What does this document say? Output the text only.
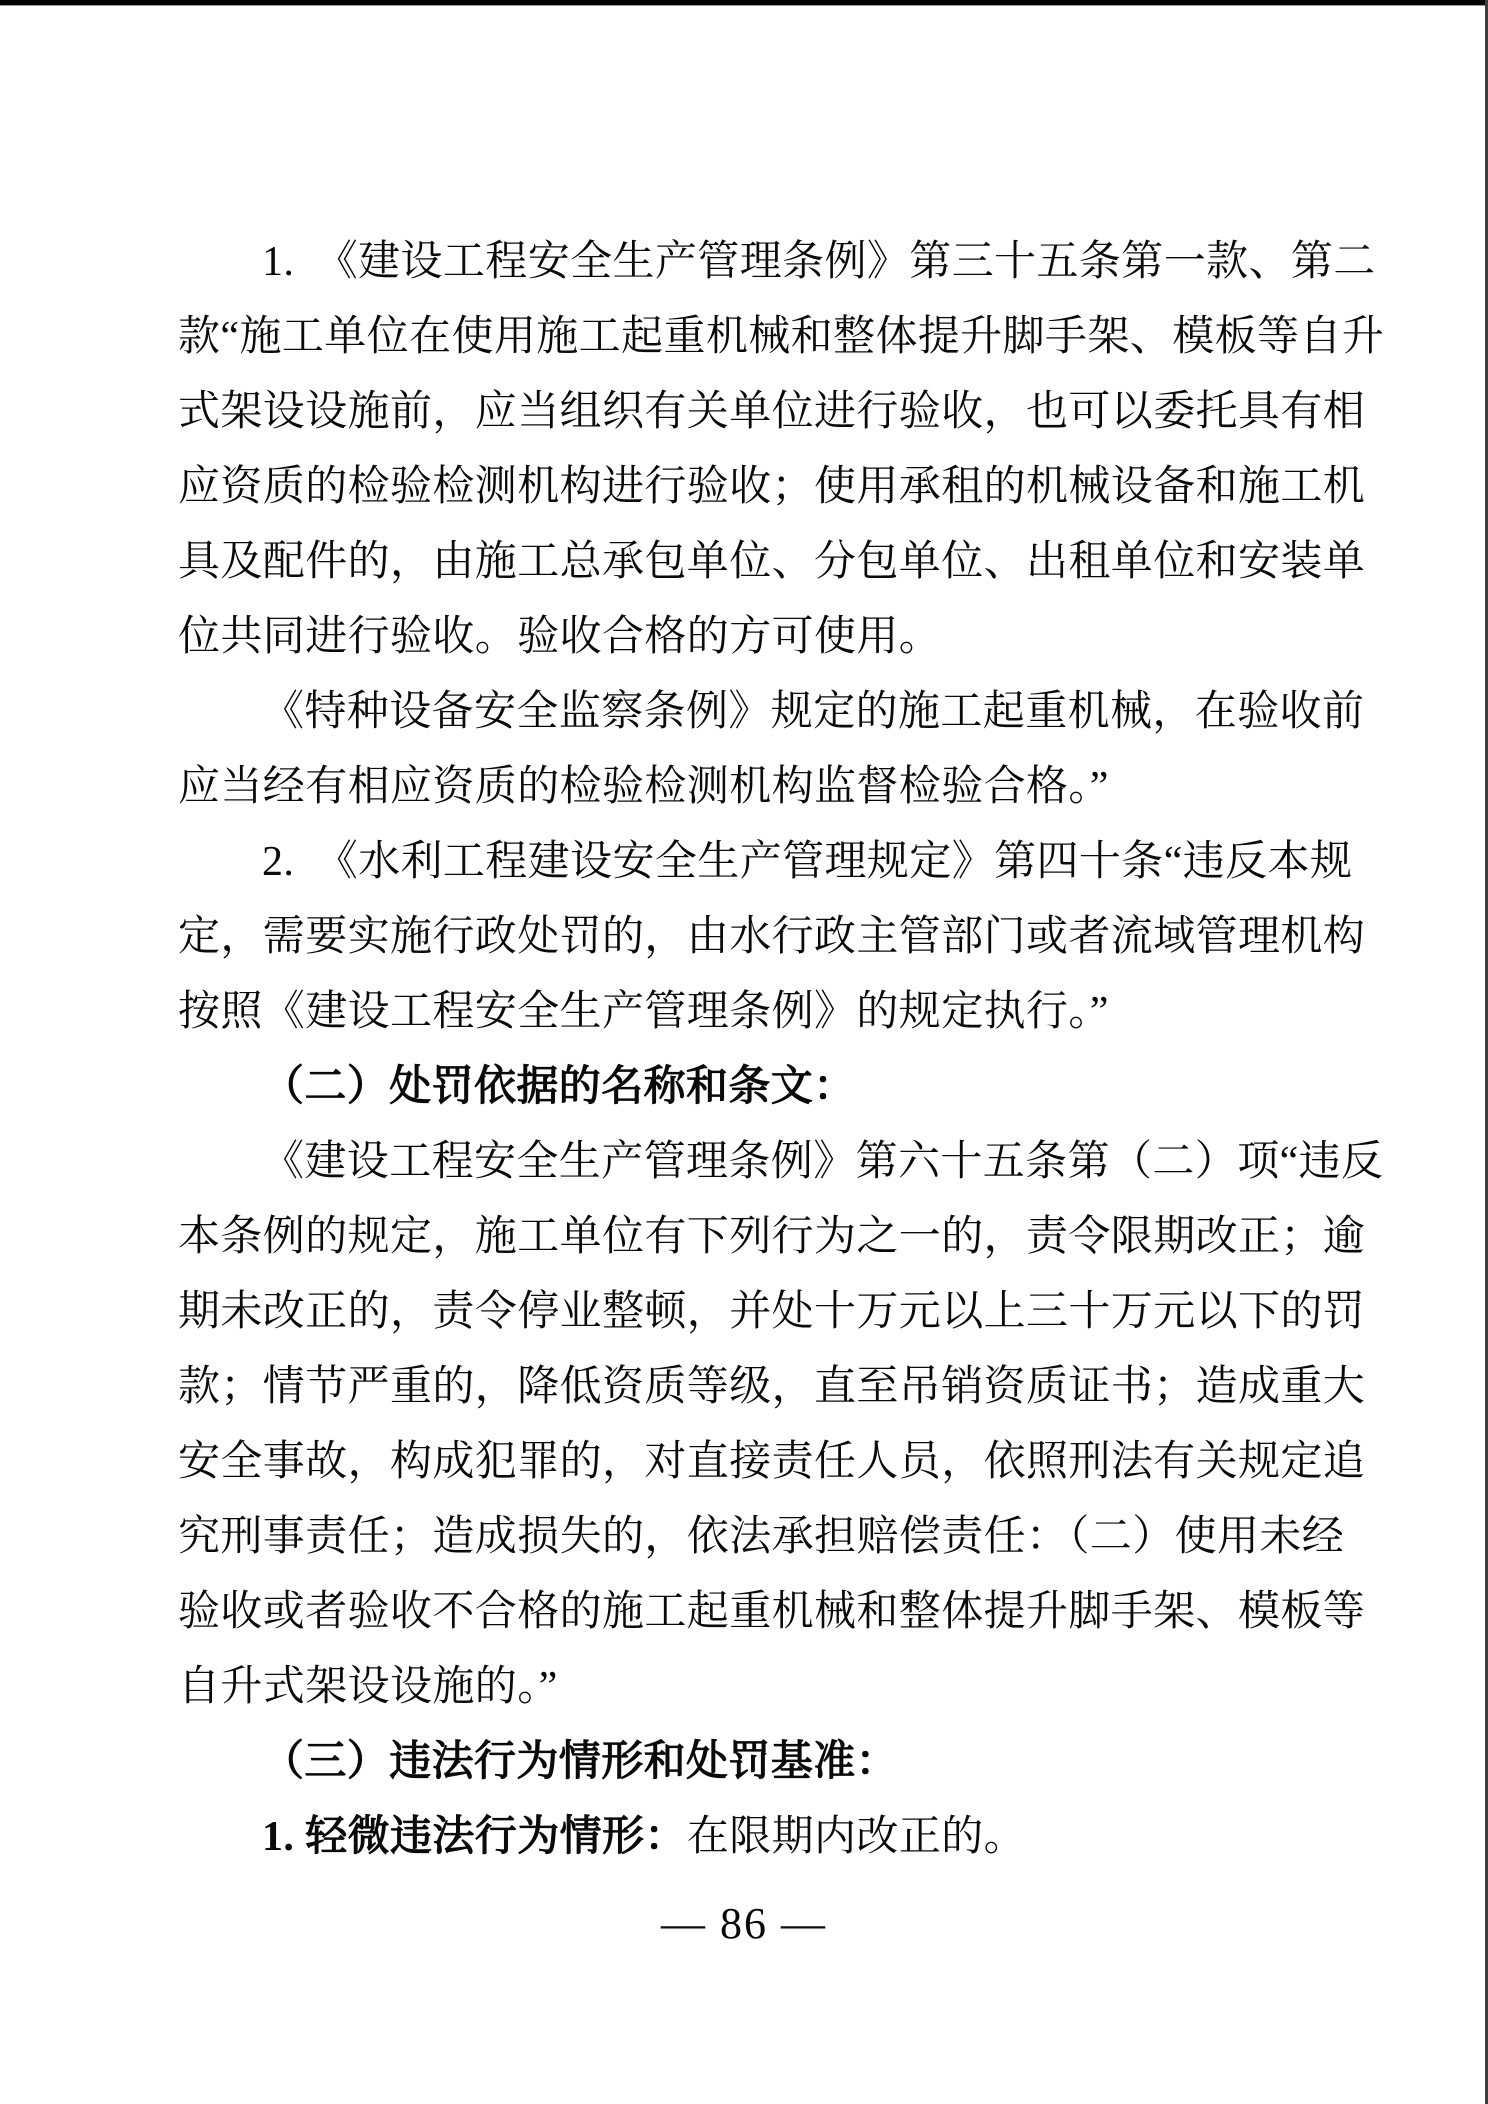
1.　《建设工程安全生产管理条例》第三十五条第一款、第二
款“施工单位在使用施工起重机械和整体提升脚手架、模板等自升
式架设设施前，应当组织有关单位进行验收，也可以委托具有相
应资质的检验检测机构进行验收；使用承租的机械设备和施工机
具及配件的，由施工总承包单位、分包单位、出租单位和安装单
位共同进行验收。验收合格的方可使用。
《特种设备安全监察条例》规定的施工起重机械，在验收前
应当经有相应资质的检验检测机构监督检验合格。”
2.　《水利工程建设安全生产管理规定》第四十条“违反本规
定，需要实施行政处罚的，由水行政主管部门或者流域管理机构
按照《建设工程安全生产管理条例》的规定执行。”
（二）处罚依据的名称和条文：
《建设工程安全生产管理条例》第六十五条第（二）项“违反
本条例的规定，施工单位有下列行为之一的，责令限期改正；逾
期未改正的，责令停业整顿，并处十万元以上三十万元以下的罚
款；情节严重的，降低资质等级，直至吊销资质证书；造成重大
安全事故，构成犯罪的，对直接责任人员，依照刑法有关规定追
究刑事责任；造成损失的，依法承担赔偿责任：（二）使用未经
验收或者验收不合格的施工起重机械和整体提升脚手架、模板等
自升式架设设施的。”
（三）违法行为情形和处罚基准：
1. 轻微违法行为情形：在限期内改正的。
— 86 —
